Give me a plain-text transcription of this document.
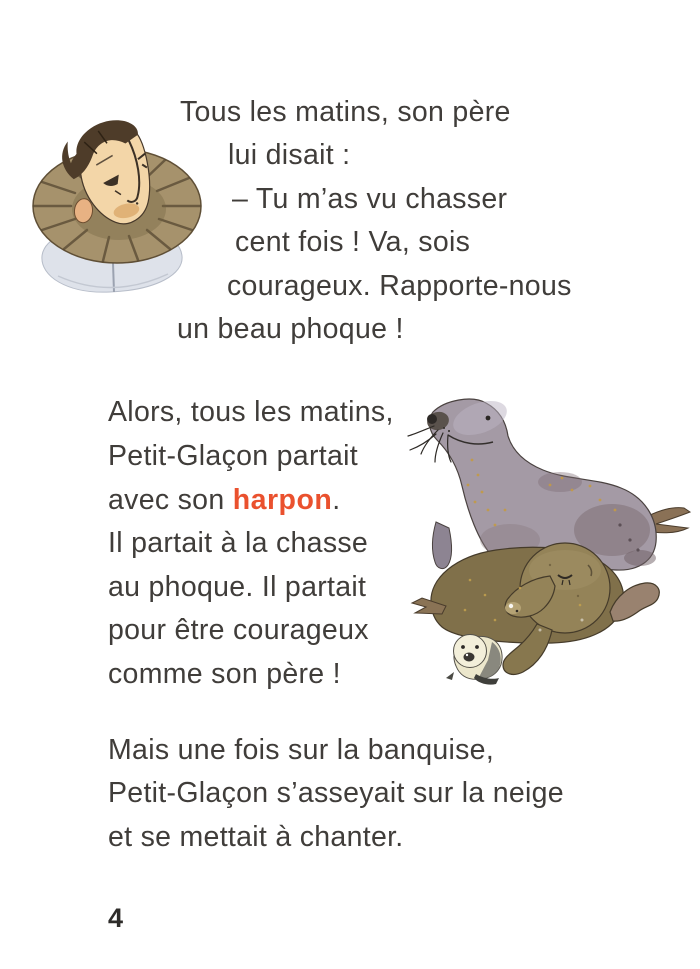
Tous les matins, son père
lui disait :
– Tu m’as vu chasser
cent fois ! Va, sois
courageux. Rapporte-nous
un beau phoque !
Alors, tous les matins,
Petit-Glaçon partait
avec son harpon.
Il partait à la chasse
au phoque. Il partait
pour être courageux
comme son père !
Mais une fois sur la banquise,
Petit-Glaçon s’asseyait sur la neige
et se mettait à chanter.
4
